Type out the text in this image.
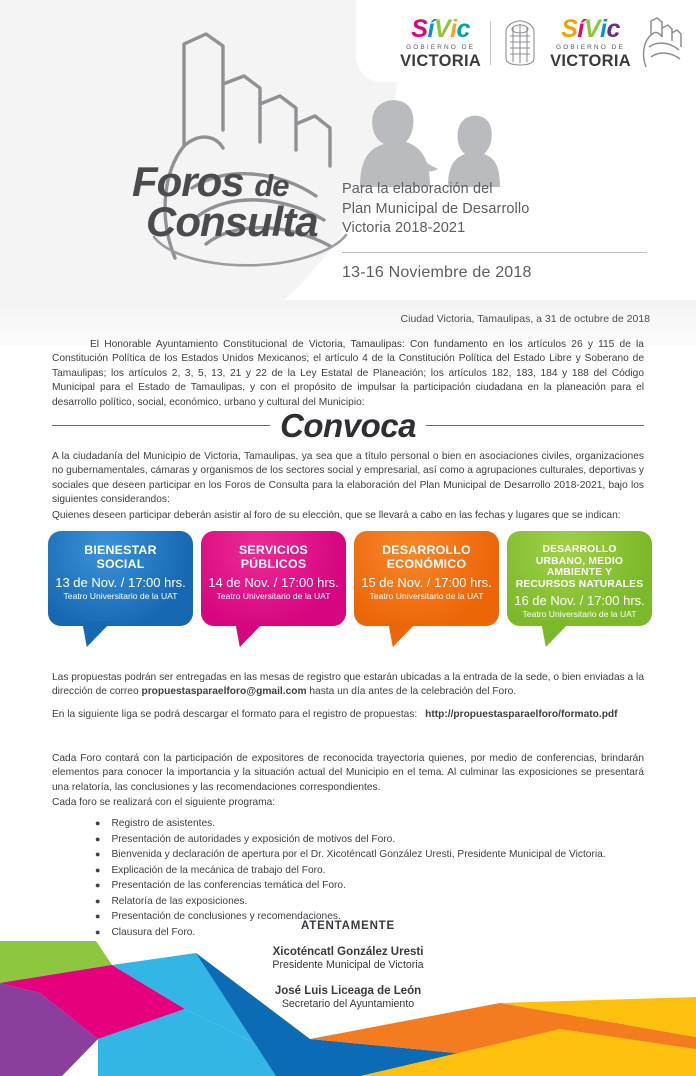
SíVic
GOBIERNO DE
VICTORIA
SíVic
GOBIERNO DE
VICTORIA
Foros de
Consulta
Para la elaboración del
Plan Municipal de Desarrollo
Victoria 2018-2021
13-16 Noviembre de 2018
Ciudad Victoria, Tamaulipas, a 31 de octubre de 2018
El Honorable Ayuntamiento Constitucional de Victoria, Tamaulipas: Con fundamento en los artículos 26 y 115 de la Constitución Política de los Estados Unidos Mexicanos; el artículo 4 de la Constitución Política del Estado Libre y Soberano de Tamaulipas; los artículos 2, 3, 5, 13, 21 y 22 de la Ley Estatal de Planeación; los artículos 182, 183, 184 y 188 del Código Municipal para el Estado de Tamaulipas, y con el propósito de impulsar la participación ciudadana en la planeación para el desarrollo político, social, económico, urbano y cultural del Municipio:
Convoca
A la ciudadanía del Municipio de Victoria, Tamaulipas, ya sea que a título personal o bien en asociaciones civiles, organizaciones no gubernamentales, cámaras y organismos de los sectores social y empresarial, así como a agrupaciones culturales, deportivas y sociales que deseen participar en los Foros de Consulta para la elaboración del Plan Municipal de Desarrollo 2018-2021, bajo los siguientes considerandos:
Quienes deseen participar deberán asistir al foro de su elección, que se llevará a cabo en las fechas y lugares que se indican:
BIENESTAR
SOCIAL
13 de Nov. / 17:00 hrs.
Teatro Universitario de la UAT
SERVICIOS
PÚBLICOS
14 de Nov. / 17:00 hrs.
Teatro Universitario de la UAT
DESARROLLO
ECONÓMICO
15 de Nov. / 17:00 hrs.
Teatro Universitario de la UAT
DESARROLLO
URBANO, MEDIO
AMBIENTE Y
RECURSOS NATURALES
16 de Nov. / 17:00 hrs.
Teatro Universitario de la UAT
Las propuestas podrán ser entregadas en las mesas de registro que estarán ubicadas a la entrada de la sede, o bien enviadas a la dirección de correo propuestasparaelforo@gmail.com hasta un día antes de la celebración del Foro.
En la siguiente liga se podrá descargar el formato para el registro de propuestas: http://propuestasparaelforo/formato.pdf
Cada Foro contará con la participación de expositores de reconocida trayectoria quienes, por medio de conferencias, brindarán elementos para conocer la importancia y la situación actual del Municipio en el tema. Al culminar las exposiciones se presentará una relatoría, las conclusiones y las recomendaciones correspondientes.
Cada foro se realizará con el siguiente programa:
● Registro de asistentes.
● Presentación de autoridades y exposición de motivos del Foro.
● Bienvenida y declaración de apertura por el Dr. Xicoténcatl González Uresti, Presidente Municipal de Victoria.
● Explicación de la mecánica de trabajo del Foro.
● Presentación de las conferencias temática del Foro.
● Relatoría de las exposiciones.
● Presentación de conclusiones y recomendaciones.
● Clausura del Foro.	ATENTAMENTE
Xicoténcatl González Uresti
Presidente Municipal de Victoria
José Luis Liceaga de León
Secretario del Ayuntamiento
